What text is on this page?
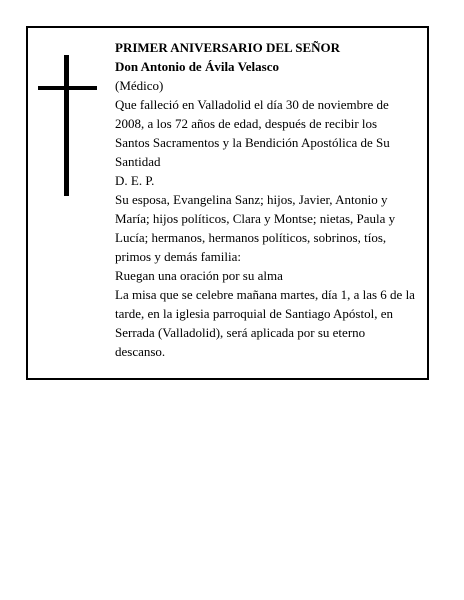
PRIMER ANIVERSARIO DEL SEÑOR

Don Antonio de Ávila Velasco

(Médico)

Que falleció en Valladolid el día 30 de noviembre de 2008, a los 72 años de edad, después de recibir los Santos Sacramentos y la Bendición Apostólica de Su Santidad

D. E. P.

Su esposa, Evangelina Sanz; hijos, Javier, Antonio y María; hijos políticos, Clara y Montse; nietas, Paula y Lucía; hermanos, hermanos políticos, sobrinos, tíos, primos y demás familia:

Ruegan una oración por su alma

La misa que se celebre mañana martes, día 1, a las 6 de la tarde, en la iglesia parroquial de Santiago Apóstol, en Serrada (Valladolid), será aplicada por su eterno descanso.
